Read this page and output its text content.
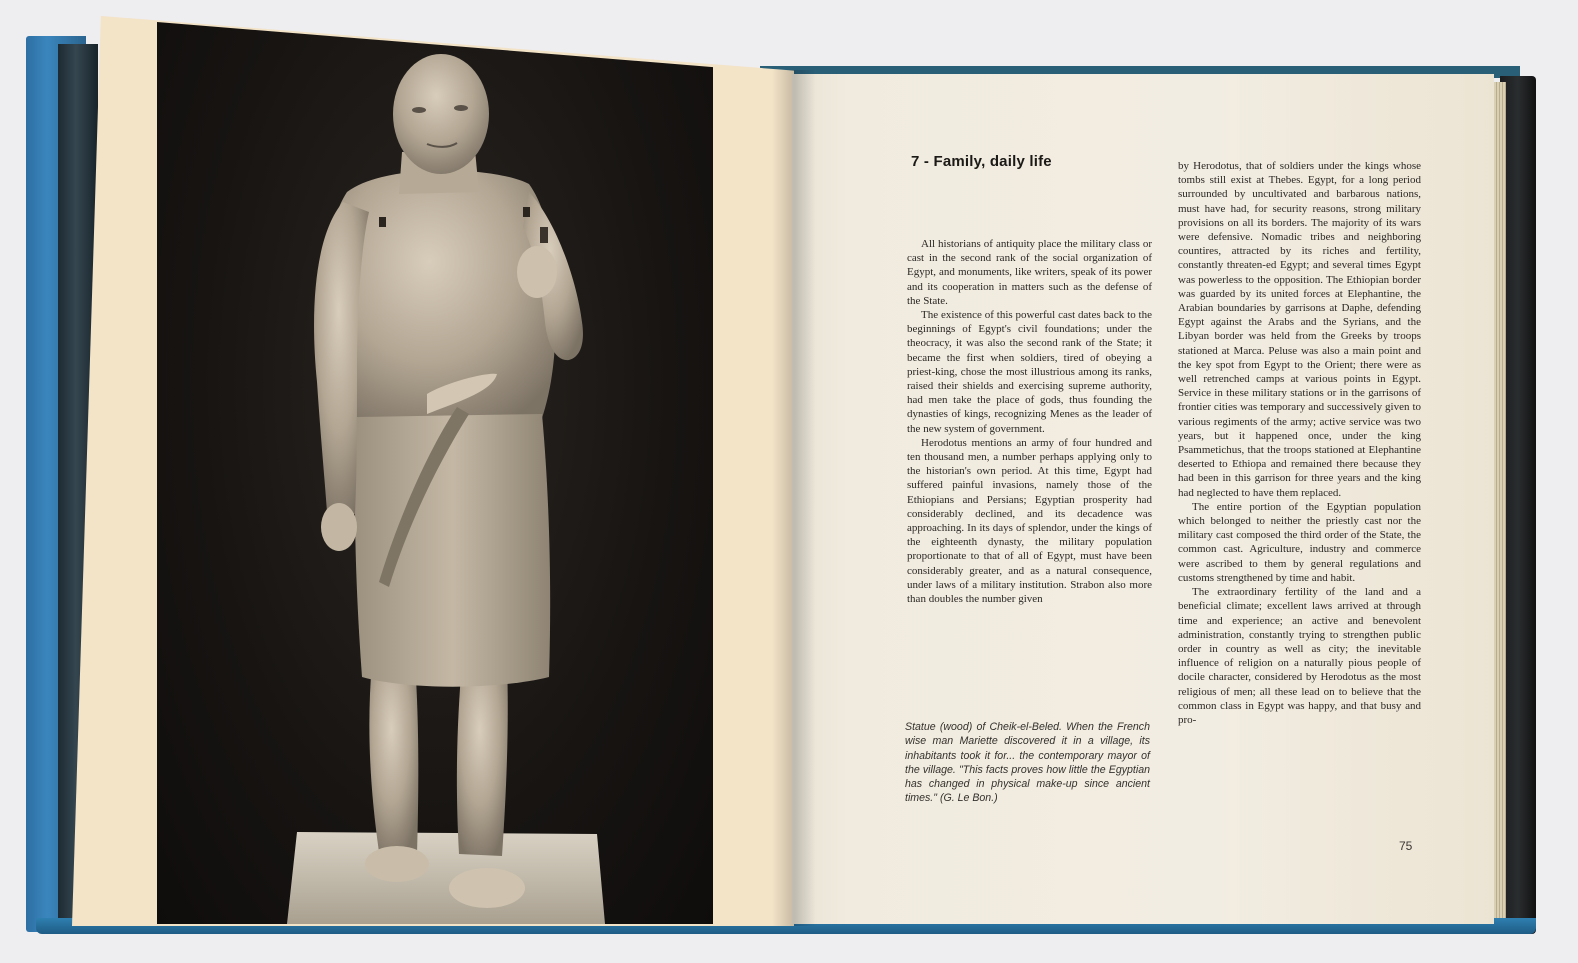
7 - Family, daily life

All historians of antiquity place the military class or cast in the second rank of the social organization of Egypt, and monuments, like writers, speak of its power and its cooperation in matters such as the defense of the State.

The existence of this powerful cast dates back to the beginnings of Egypt's civil foundations; under the theocracy, it was also the second rank of the State; it became the first when soldiers, tired of obeying a priest-king, chose the most illustrious among its ranks, raised their shields and exercising supreme authority, had men take the place of gods, thus founding the dynasties of kings, recognizing Menes as the leader of the new system of government.

Herodotus mentions an army of four hundred and ten thousand men, a number perhaps applying only to the historian's own period. At this time, Egypt had suffered painful invasions, namely those of the Ethiopians and Persians; Egyptian prosperity had considerably declined, and its decadence was approaching. In its days of splendor, under the kings of the eighteenth dynasty, the military population proportionate to that of all of Egypt, must have been considerably greater, and as a natural consequence, under laws of a military institution. Strabon also more than doubles the number given

by Herodotus, that of soldiers under the kings whose tombs still exist at Thebes. Egypt, for a long period surrounded by uncultivated and barbarous nations, must have had, for security reasons, strong military provisions on all its borders. The majority of its wars were defensive. Nomadic tribes and neighboring countires, attracted by its riches and fertility, constantly threaten-ed Egypt; and several times Egypt was powerless to the opposition. The Ethiopian border was guarded by its united forces at Elephantine, the Arabian boundaries by garrisons at Daphe, defending Egypt against the Arabs and the Syrians, and the Libyan border was held from the Greeks by troops stationed at Marca. Peluse was also a main point and the key spot from Egypt to the Orient; there were as well retrenched camps at various points in Egypt. Service in these military stations or in the garrisons of frontier cities was temporary and successively given to various regiments of the army; active service was two years, but it happened once, under the king Psammetichus, that the troops stationed at Elephantine deserted to Ethiopa and remained there because they had been in this garrison for three years and the king had neglected to have them replaced.

The entire portion of the Egyptian population which belonged to neither the priestly cast nor the military cast composed the third order of the State, the common cast. Agriculture, industry and commerce were ascribed to them by general regulations and customs strengthened by time and habit.

The extraordinary fertility of the land and a beneficial climate; excellent laws arrived at through time and experience; an active and benevolent administration, constantly trying to strengthen public order in country as well as city; the inevitable influence of religion on a naturally pious people of docile character, considered by Herodotus as the most religious of men; all these lead on to believe that the common class in Egypt was happy, and that busy and pro-

Statue (wood) of Cheik-el-Beled. When the French wise man Mariette discovered it in a village, its inhabitants took it for... the contemporary mayor of the village. "This facts proves how little the Egyptian has changed in physical make-up since ancient times." (G. Le Bon.)
75
